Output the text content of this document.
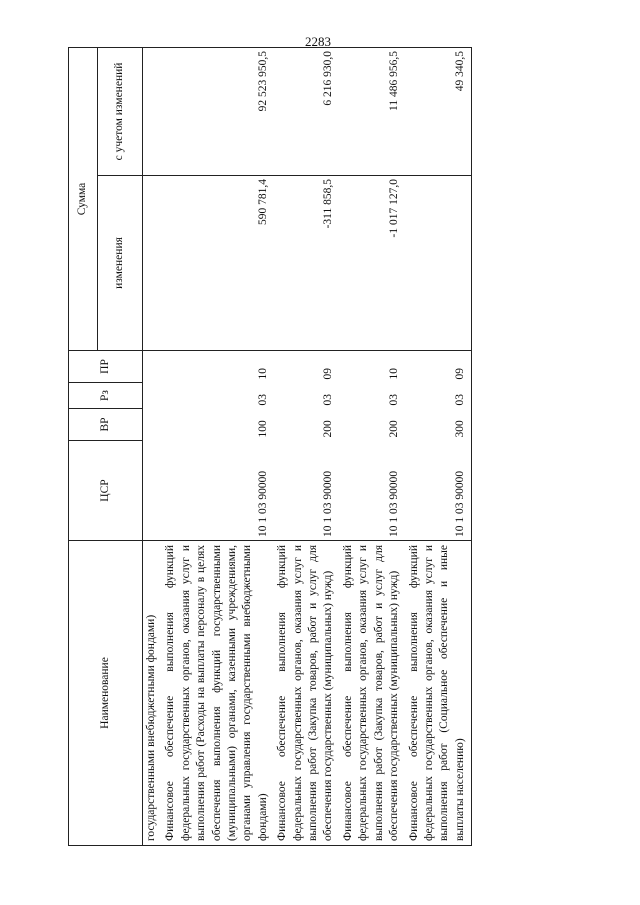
2283
Наименование	ЦСР	ВР	Рз	ПР	Сумма	
					изменения	с учетом изменений
государственными внебюджетными фондами)						
Финансовое обеспечение выполнения функций федеральных государственных органов, оказания услуг и выполнения работ (Расходы на выплаты персоналу в целях обеспечения выполнения функций государственными (муниципальными) органами, казенными учреждениями, органами управления государственными внебюджетными фондами)	10 1 03 90000	100	03	10	590 781,4	92 523 950,5
Финансовое обеспечение выполнения функций федеральных государственных органов, оказания услуг и выполнения работ (Закупка товаров, работ и услуг для обеспечения государственных (муниципальных) нужд)	10 1 03 90000	200	03	09	-311 858,5	6 216 930,0
Финансовое обеспечение выполнения функций федеральных государственных органов, оказания услуг и выполнения работ (Закупка товаров, работ и услуг для обеспечения государственных (муниципальных) нужд)	10 1 03 90000	200	03	10	-1 017 127,0	11 486 956,5
Финансовое обеспечение выполнения функций федеральных государственных органов, оказания услуг и выполнения работ (Социальное обеспечение и иные выплаты населению)	10 1 03 90000	300	03	09		49 340,5
